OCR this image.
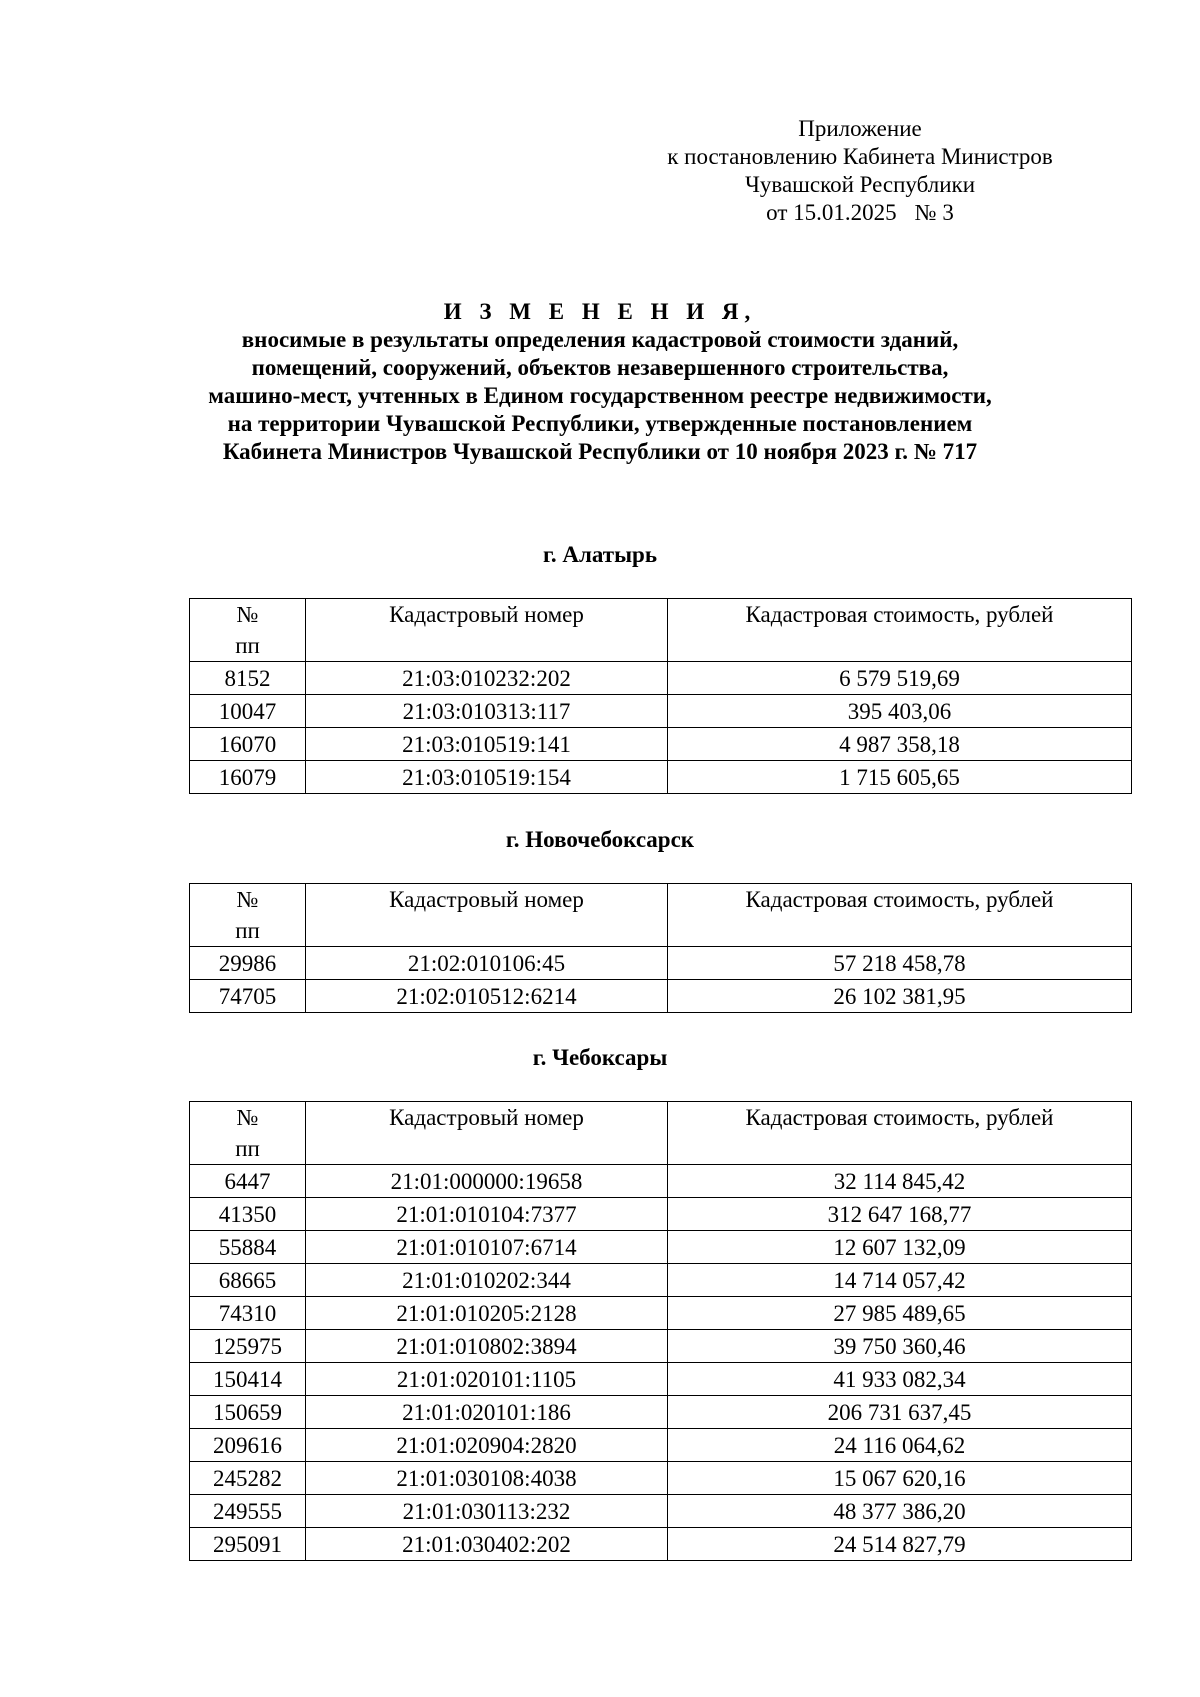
Приложение
к постановлению Кабинета Министров
Чувашской Республики
от 15.01.2025 № 3
И З М Е Н Е Н И Я,
вносимые в результаты определения кадастровой стоимости зданий,
помещений, сооружений, объектов незавершенного строительства,
машино-мест, учтенных в Едином государственном реестре недвижимости,
на территории Чувашской Республики, утвержденные постановлением
Кабинета Министров Чувашской Республики от 10 ноября 2023 г. № 717
г. Алатырь
№
пп	Кадастровый номер	Кадастровая стоимость, рублей
8152	21:03:010232:202	6 579 519,69
10047	21:03:010313:117	395 403,06
16070	21:03:010519:141	4 987 358,18
16079	21:03:010519:154	1 715 605,65
г. Новочебоксарск
№
пп	Кадастровый номер	Кадастровая стоимость, рублей
29986	21:02:010106:45	57 218 458,78
74705	21:02:010512:6214	26 102 381,95
г. Чебоксары
№
пп	Кадастровый номер	Кадастровая стоимость, рублей
6447	21:01:000000:19658	32 114 845,42
41350	21:01:010104:7377	312 647 168,77
55884	21:01:010107:6714	12 607 132,09
68665	21:01:010202:344	14 714 057,42
74310	21:01:010205:2128	27 985 489,65
125975	21:01:010802:3894	39 750 360,46
150414	21:01:020101:1105	41 933 082,34
150659	21:01:020101:186	206 731 637,45
209616	21:01:020904:2820	24 116 064,62
245282	21:01:030108:4038	15 067 620,16
249555	21:01:030113:232	48 377 386,20
295091	21:01:030402:202	24 514 827,79
